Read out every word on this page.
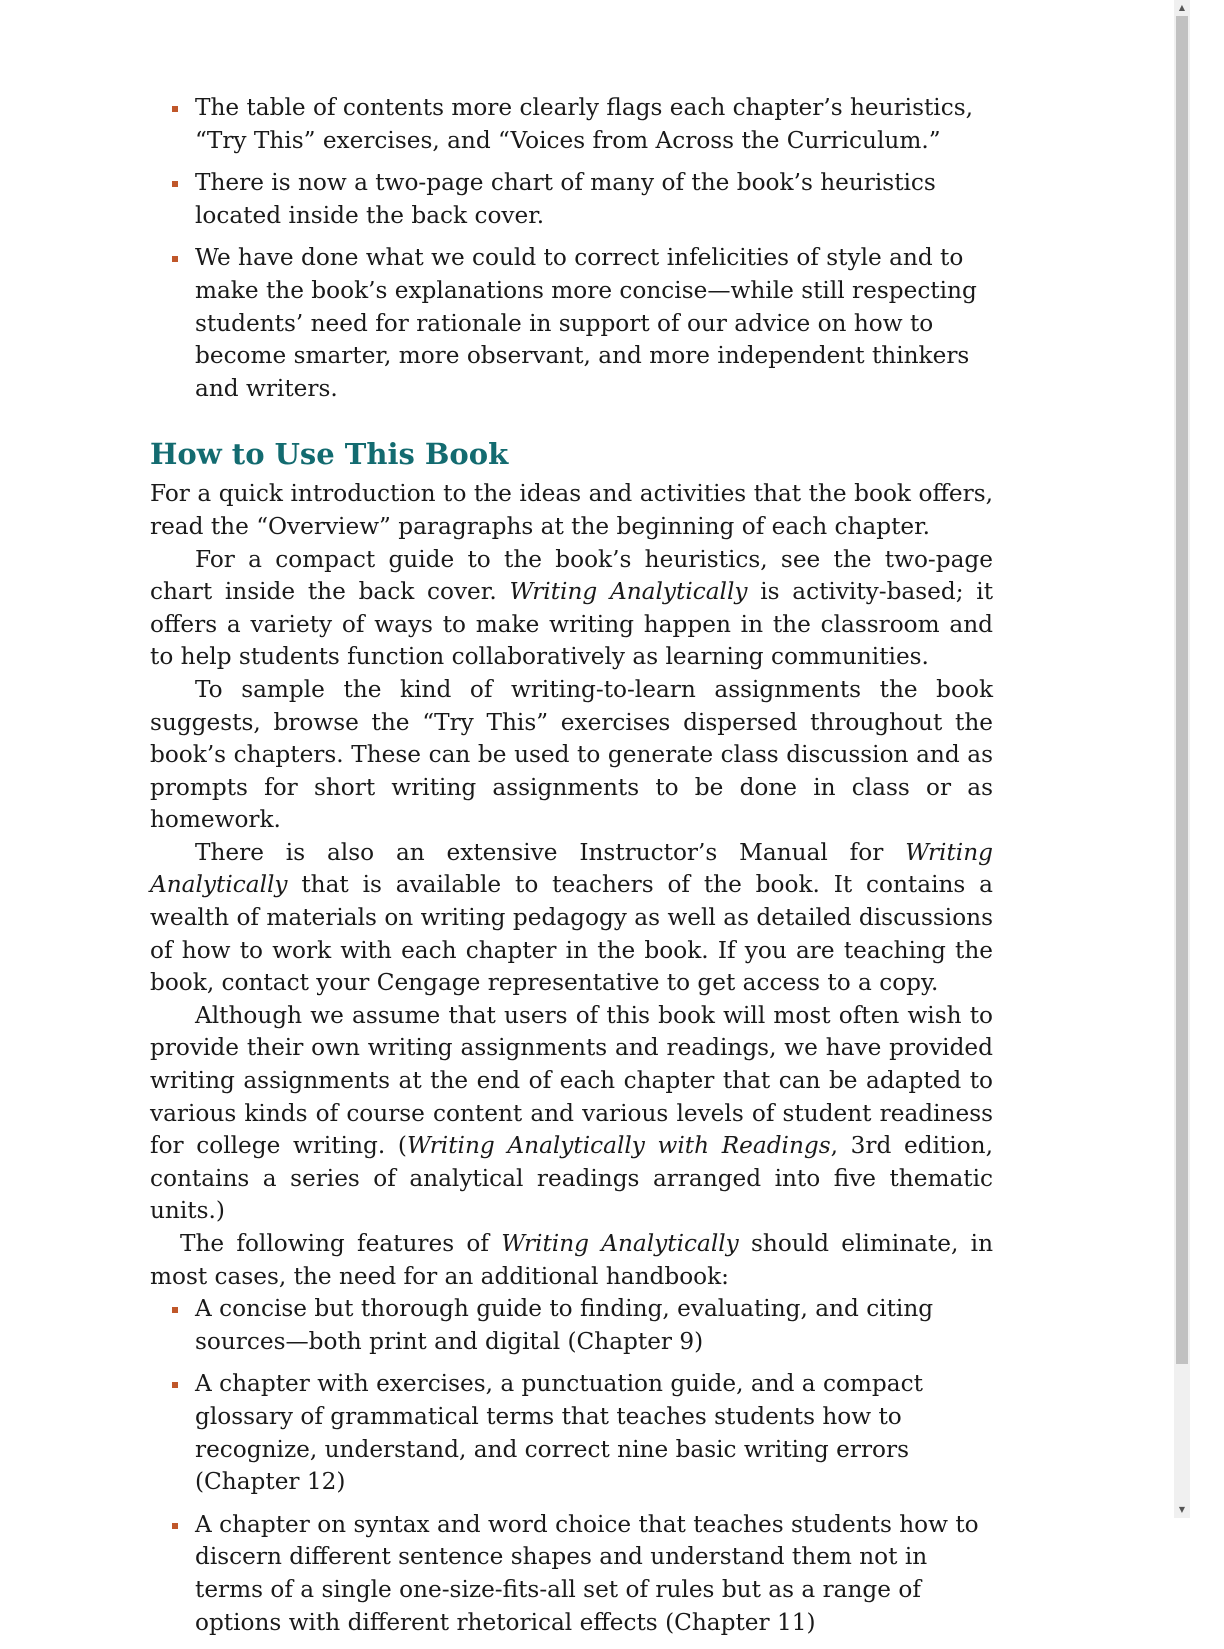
The table of contents more clearly flags each chapter’s heuristics, “Try This” exercises, and “Voices from Across the Curriculum.”
There is now a two-page chart of many of the book’s heuristics located inside the back cover.
We have done what we could to correct infelicities of style and to make the book’s explanations more concise—while still respecting students’ need for rationale in support of our advice on how to become smarter, more observant, and more independent thinkers and writers.
How to Use This Book

For a quick introduction to the ideas and activities that the book offers, read the “Overview” paragraphs at the beginning of each chapter.

For a compact guide to the book’s heuristics, see the two-page chart inside the back cover. Writing Analytically is activity-based; it offers a variety of ways to make writing happen in the classroom and to help students function collaboratively as learning communities.

To sample the kind of writing-to-learn assignments the book suggests, browse the “Try This” exercises dispersed throughout the book’s chapters. These can be used to generate class discussion and as prompts for short writing assignments to be done in class or as homework.

There is also an extensive Instructor’s Manual for Writing Analytically that is available to teachers of the book. It contains a wealth of materials on writing pedagogy as well as detailed discussions of how to work with each chapter in the book. If you are teaching the book, contact your Cengage representative to get access to a copy.

Although we assume that users of this book will most often wish to provide their own writing assignments and readings, we have provided writing assignments at the end of each chapter that can be adapted to various kinds of course content and various levels of student readiness for college writing. (Writing Analytically with Readings, 3rd edition, contains a series of analytical readings arranged into five thematic units.)

The following features of Writing Analytically should eliminate, in most cases, the need for an additional handbook:

A concise but thorough guide to finding, evaluating, and citing sources—both print and digital (Chapter 9)
A chapter with exercises, a punctuation guide, and a compact glossary of grammatical terms that teaches students how to recognize, understand, and correct nine basic writing errors (Chapter 12)
A chapter on syntax and word choice that teaches students how to discern different sentence shapes and understand them not in terms of a single one-size-fits-all set of rules but as a range of options with different rhetorical effects (Chapter 11)
▲
▼
